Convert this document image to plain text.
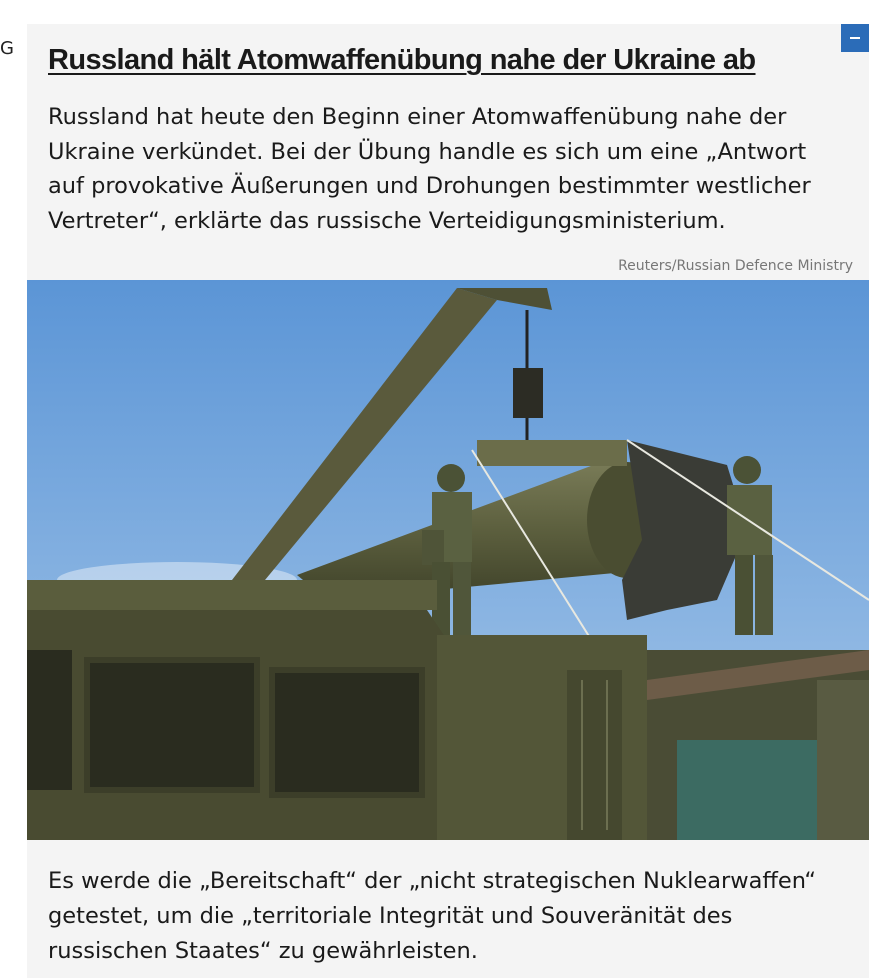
G Russland hält Atomwaffenübung nahe der Ukraine ab

Russland hat heute den Beginn einer Atomwaffenübung nahe der Ukraine verkündet. Bei der Übung handle es sich um eine „Antwort auf provokative Äußerungen und Drohungen bestimmter westlicher Vertreter“, erklärte das russische Verteidigungsministerium.

Reuters/Russian Defence Ministry

Es werde die „Bereitschaft“ der „nicht strategischen Nuklearwaffen“ getestet, um die „territoriale Integrität und Souveränität des russischen Staates“ zu gewährleisten.
